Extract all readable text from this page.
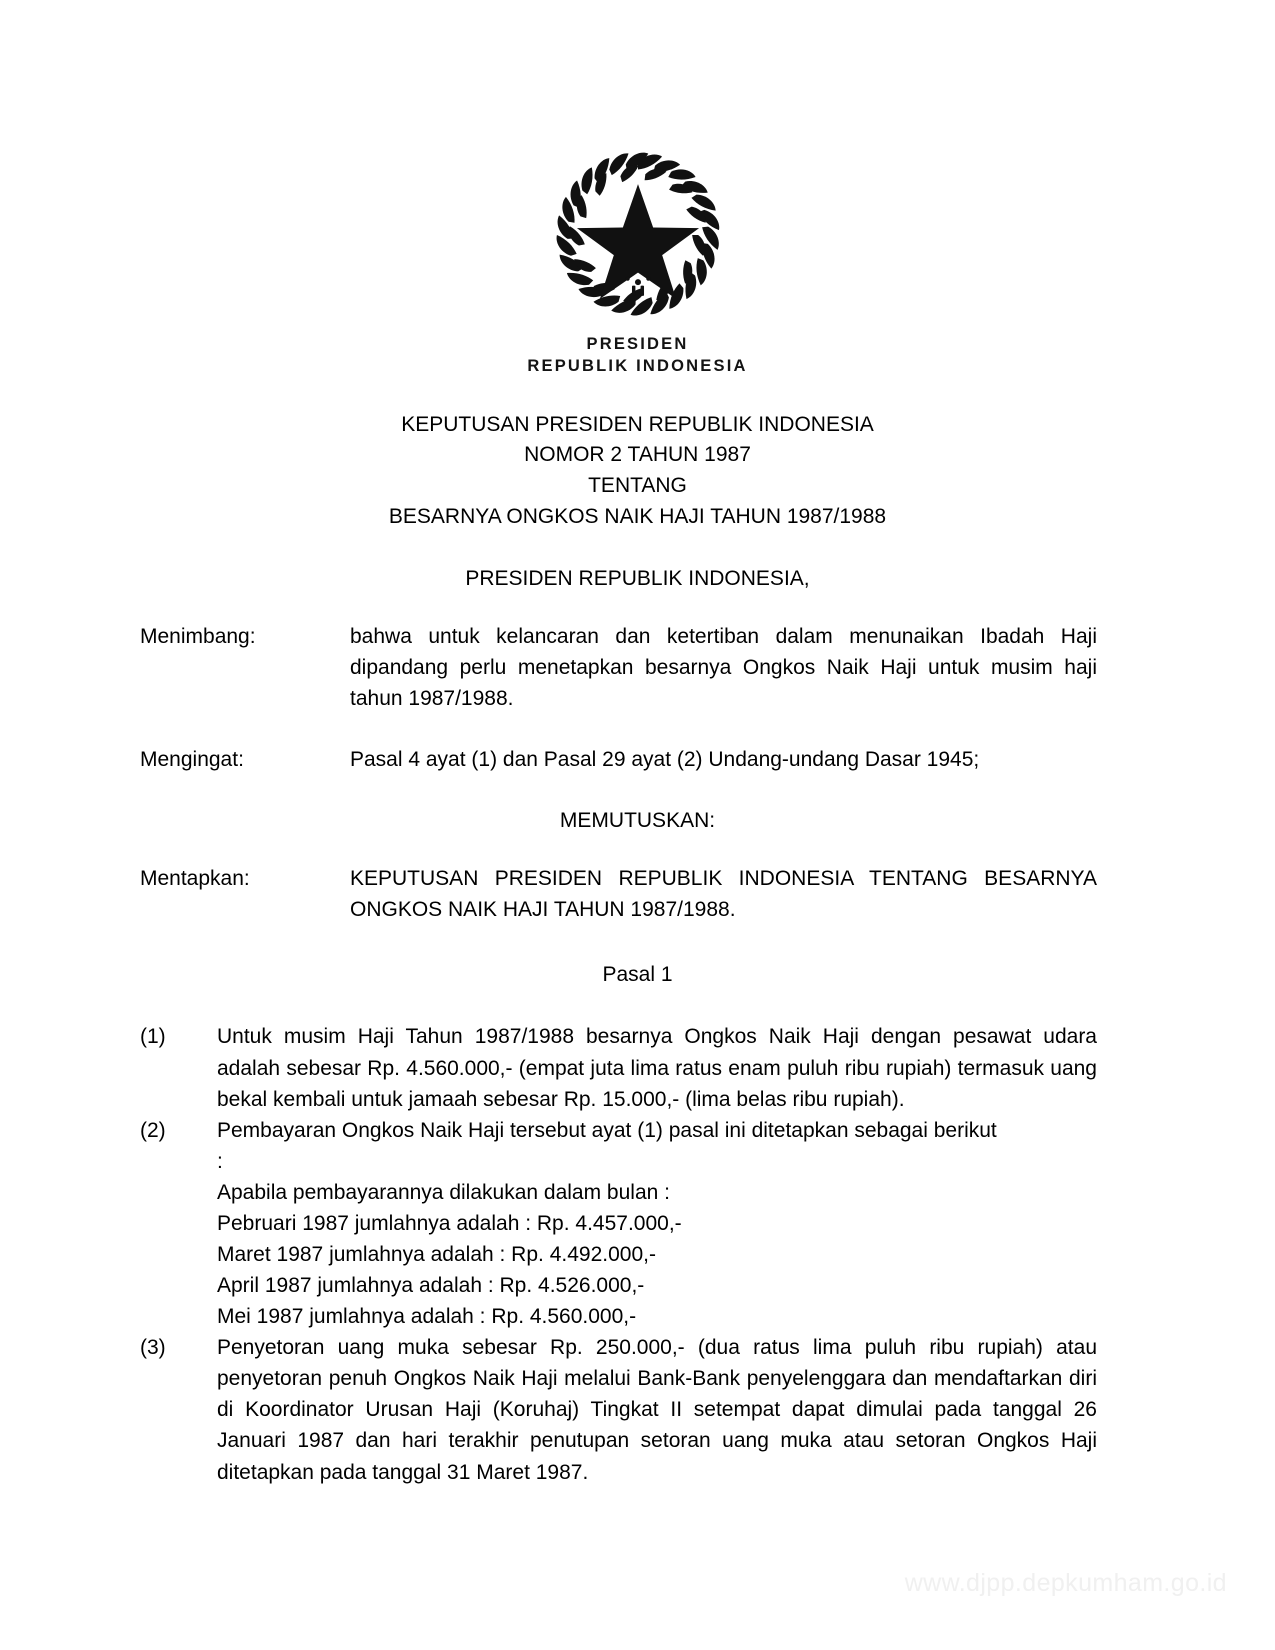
PRESIDEN
REPUBLIK INDONESIA
KEPUTUSAN PRESIDEN REPUBLIK INDONESIA
NOMOR 2 TAHUN 1987
TENTANG
BESARNYA ONGKOS NAIK HAJI TAHUN 1987/1988
PRESIDEN REPUBLIK INDONESIA,
Menimbang:	bahwa untuk kelancaran dan ketertiban dalam menunaikan Ibadah Haji dipandang perlu menetapkan besarnya Ongkos Naik Haji untuk musim haji tahun 1987/1988.
Mengingat:	Pasal 4 ayat (1) dan Pasal 29 ayat (2) Undang-undang Dasar 1945;
MEMUTUSKAN:
Mentapkan:	KEPUTUSAN PRESIDEN REPUBLIK INDONESIA TENTANG BESARNYA ONGKOS NAIK HAJI TAHUN 1987/1988.
Pasal 1
(1)	Untuk musim Haji Tahun 1987/1988 besarnya Ongkos Naik Haji dengan pesawat udara adalah sebesar Rp. 4.560.000,- (empat juta lima ratus enam puluh ribu rupiah) termasuk uang bekal kembali untuk jamaah sebesar Rp. 15.000,- (lima belas ribu rupiah).
(2)	Pembayaran Ongkos Naik Haji tersebut ayat (1) pasal ini ditetapkan sebagai berikut
:
Apabila pembayarannya dilakukan dalam bulan :
Pebruari 1987 jumlahnya adalah : Rp. 4.457.000,-
Maret 1987 jumlahnya adalah : Rp. 4.492.000,-
April 1987 jumlahnya adalah : Rp. 4.526.000,-
Mei 1987 jumlahnya adalah : Rp. 4.560.000,-
(3)	Penyetoran uang muka sebesar Rp. 250.000,- (dua ratus lima puluh ribu rupiah) atau penyetoran penuh Ongkos Naik Haji melalui Bank-Bank penyelenggara dan mendaftarkan diri di Koordinator Urusan Haji (Koruhaj) Tingkat II setempat dapat dimulai pada tanggal 26 Januari 1987 dan hari terakhir penutupan setoran uang muka atau setoran Ongkos Haji ditetapkan pada tanggal 31 Maret 1987.
www.djpp.depkumham.go.id
